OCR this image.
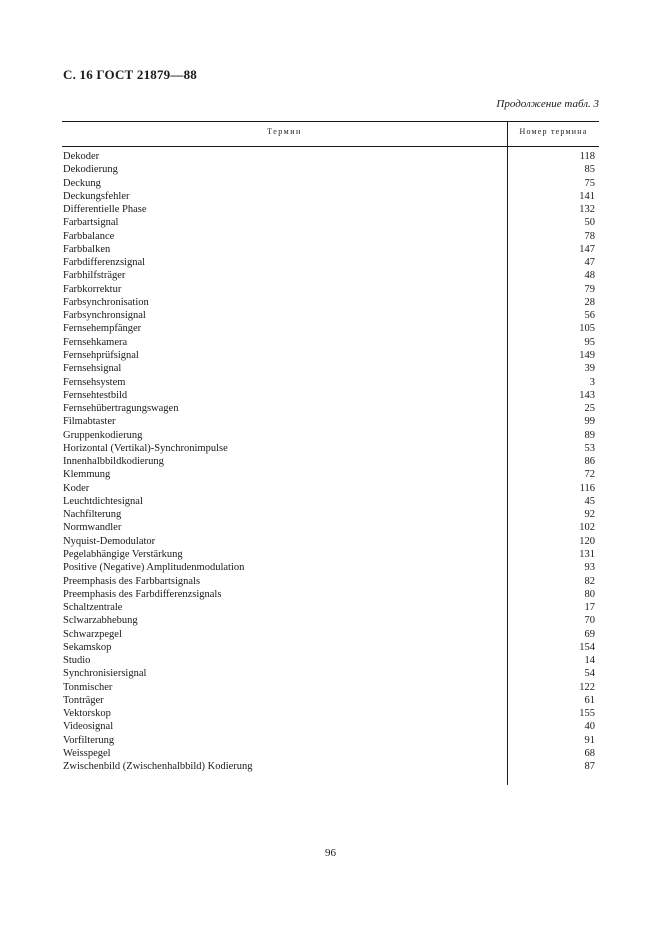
С. 16 ГОСТ 21879—88
Продолжение табл. 3
Термин	Номер термина
Dekoder	118
Dekodierung	85
Deckung	75
Deckungsfehler	141
Differentielle Phase	132
Farbartsignal	50
Farbbalance	78
Farbbalken	147
Farbdifferenzsignal	47
Farbhilfsträger	48
Farbkorrektur	79
Farbsynchronisation	28
Farbsynchronsignal	56
Fernsehempfänger	105
Fernsehkamera	95
Fernsehprüfsignal	149
Fernsehsignal	39
Fernsehsystem	3
Fernsehtestbild	143
Fernsehübertragungswagen	25
Filmabtaster	99
Gruppenkodierung	89
Horizontal (Vertikal)-Synchronimpulse	53
Innenhalbbildkodierung	86
Klemmung	72
Koder	116
Leuchtdichtesignal	45
Nachfilterung	92
Normwandler	102
Nyquist-Demodulator	120
Pegelabhängige Verstärkung	131
Positive (Negative) Amplitudenmodulation	93
Preemphasis des Farbbartsignals	82
Preemphasis des Farbdifferenzsignals	80
Schaltzentrale	17
Sclwarzabhebung	70
Schwarzpegel	69
Sekamskop	154
Studio	14
Synchronisiersignal	54
Tonmischer	122
Tonträger	61
Vektorskop	155
Videosignal	40
Vorfilterung	91
Weisspegel	68
Zwischenbild (Zwischenhalbbild) Kodierung	87
96
